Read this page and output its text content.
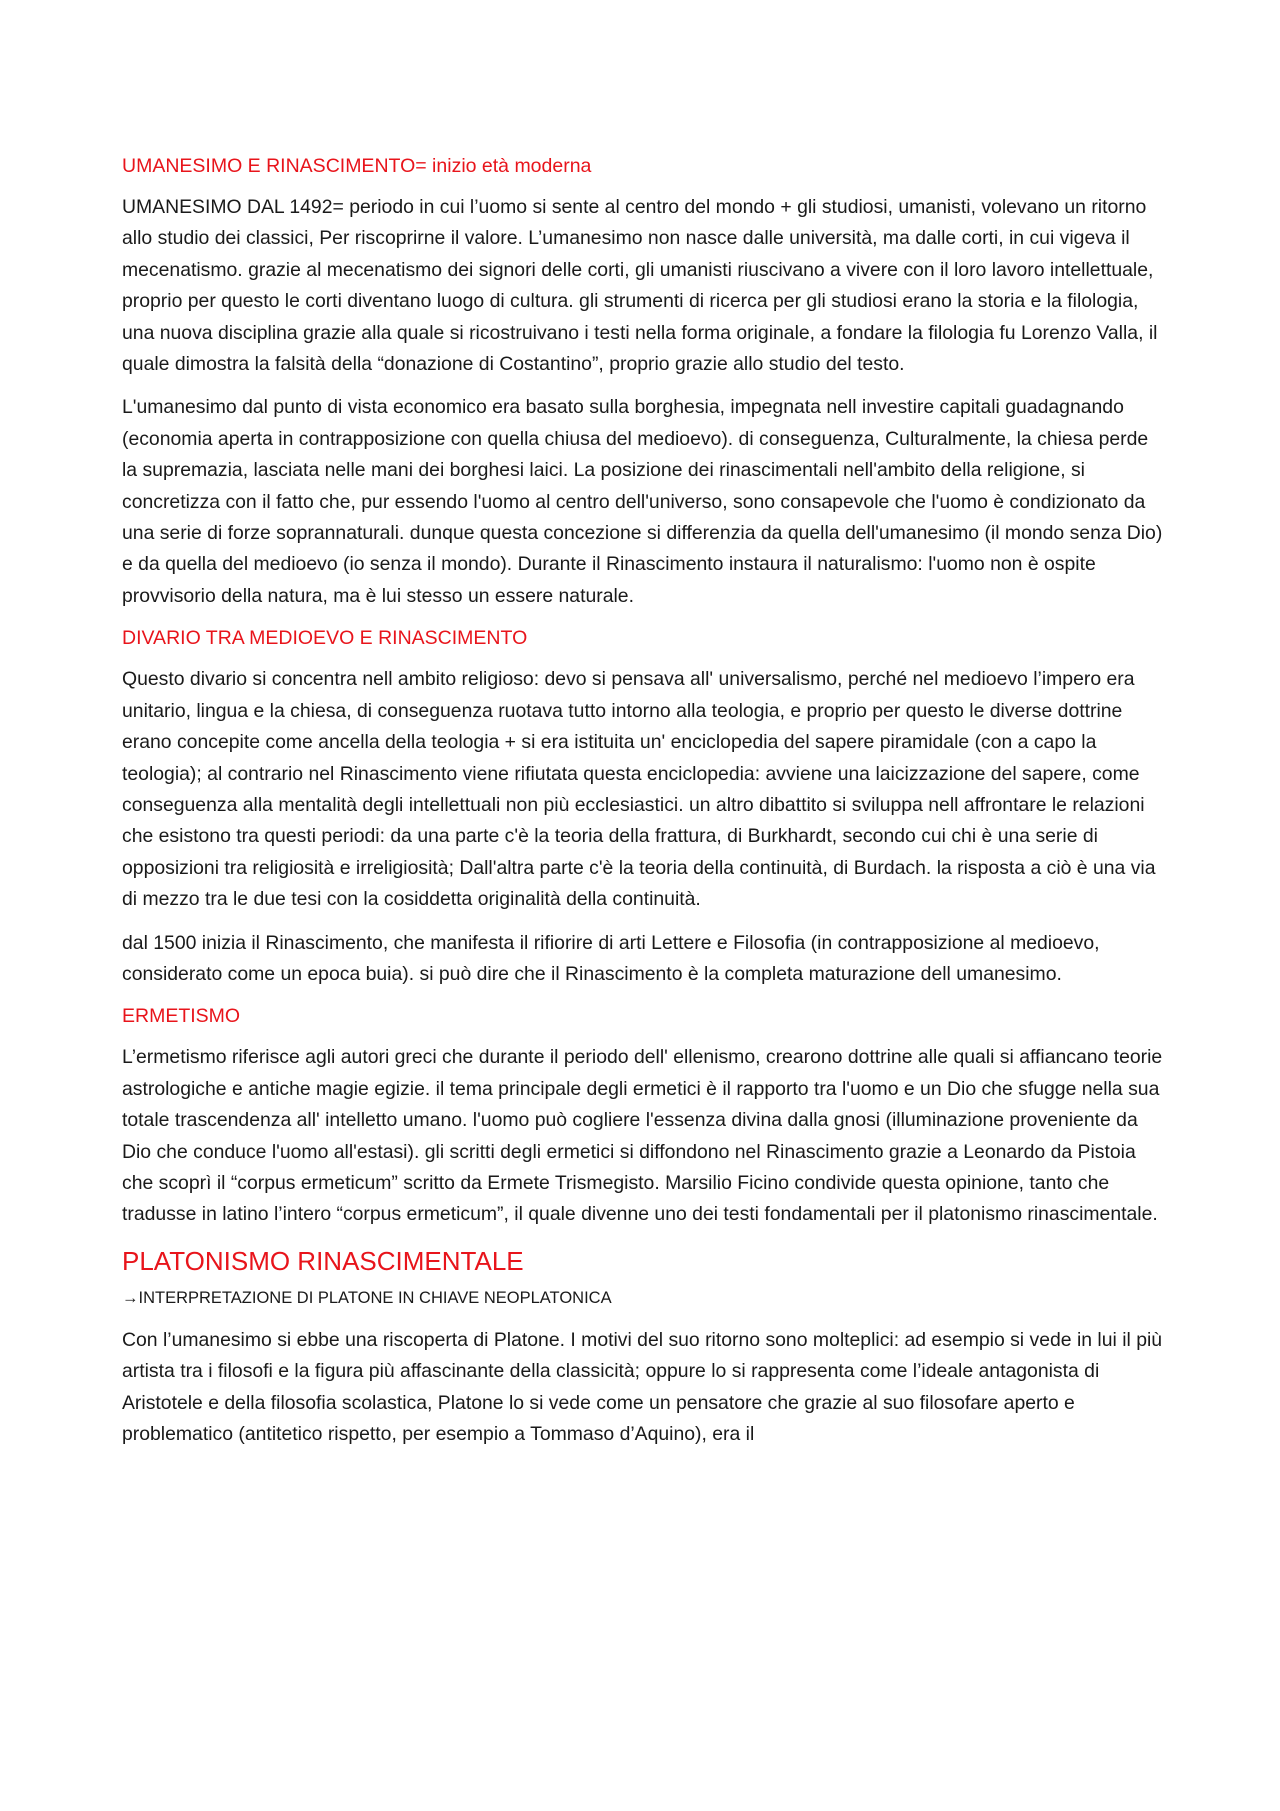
UMANESIMO E RINASCIMENTO= inizio età moderna

UMANESIMO DAL 1492= periodo in cui l’uomo si sente al centro del mondo + gli studiosi, umanisti, volevano un ritorno allo studio dei classici, Per riscoprirne il valore. L’umanesimo non nasce dalle università, ma dalle corti, in cui vigeva il mecenatismo. grazie al mecenatismo dei signori delle corti, gli umanisti riuscivano a vivere con il loro lavoro intellettuale, proprio per questo le corti diventano luogo di cultura. gli strumenti di ricerca per gli studiosi erano la storia e la filologia, una nuova disciplina grazie alla quale si ricostruivano i testi nella forma originale, a fondare la filologia fu Lorenzo Valla, il quale dimostra la falsità della “donazione di Costantino”, proprio grazie allo studio del testo.

L'umanesimo dal punto di vista economico era basato sulla borghesia, impegnata nell investire capitali guadagnando (economia aperta in contrapposizione con quella chiusa del medioevo). di conseguenza, Culturalmente, la chiesa perde la supremazia, lasciata nelle mani dei borghesi laici. La posizione dei rinascimentali nell'ambito della religione, si concretizza con il fatto che, pur essendo l'uomo al centro dell'universo, sono consapevole che l'uomo è condizionato da una serie di forze soprannaturali. dunque questa concezione si differenzia da quella dell'umanesimo (il mondo senza Dio) e da quella del medioevo (io senza il mondo). Durante il Rinascimento instaura il naturalismo: l'uomo non è ospite provvisorio della natura, ma è lui stesso un essere naturale.

DIVARIO TRA MEDIOEVO E RINASCIMENTO

Questo divario si concentra nell ambito religioso: devo si pensava all' universalismo, perché nel medioevo l’impero era unitario, lingua e la chiesa, di conseguenza ruotava tutto intorno alla teologia, e proprio per questo le diverse dottrine erano concepite come ancella della teologia + si era istituita un' enciclopedia del sapere piramidale (con a capo la teologia); al contrario nel Rinascimento viene rifiutata questa enciclopedia: avviene una laicizzazione del sapere, come conseguenza alla mentalità degli intellettuali non più ecclesiastici. un altro dibattito si sviluppa nell affrontare le relazioni che esistono tra questi periodi: da una parte c'è la teoria della frattura, di Burkhardt, secondo cui chi è una serie di opposizioni tra religiosità e irreligiosità; Dall'altra parte c'è la teoria della continuità, di Burdach. la risposta a ciò è una via di mezzo tra le due tesi con la cosiddetta originalità della continuità.

dal 1500 inizia il Rinascimento, che manifesta il rifiorire di arti Lettere e Filosofia (in contrapposizione al medioevo, considerato come un epoca buia). si può dire che il Rinascimento è la completa maturazione dell umanesimo.

ERMETISMO

L’ermetismo riferisce agli autori greci che durante il periodo dell' ellenismo, crearono dottrine alle quali si affiancano teorie astrologiche e antiche magie egizie. il tema principale degli ermetici è il rapporto tra l'uomo e un Dio che sfugge nella sua totale trascendenza all' intelletto umano. l'uomo può cogliere l'essenza divina dalla gnosi (illuminazione proveniente da Dio che conduce l'uomo all'estasi). gli scritti degli ermetici si diffondono nel Rinascimento grazie a Leonardo da Pistoia che scoprì il “corpus ermeticum” scritto da Ermete Trismegisto. Marsilio Ficino condivide questa opinione, tanto che tradusse in latino l’intero “corpus ermeticum”, il quale divenne uno dei testi fondamentali per il platonismo rinascimentale.

PLATONISMO RINASCIMENTALE
→INTERPRETAZIONE DI PLATONE IN CHIAVE NEOPLATONICA

Con l’umanesimo si ebbe una riscoperta di Platone. I motivi del suo ritorno sono molteplici: ad esempio si vede in lui il più artista tra i filosofi e la figura più affascinante della classicità; oppure lo si rappresenta come l’ideale antagonista di Aristotele e della filosofia scolastica, Platone lo si vede come un pensatore che grazie al suo filosofare aperto e problematico (antitetico rispetto, per esempio a Tommaso d’Aquino), era il
